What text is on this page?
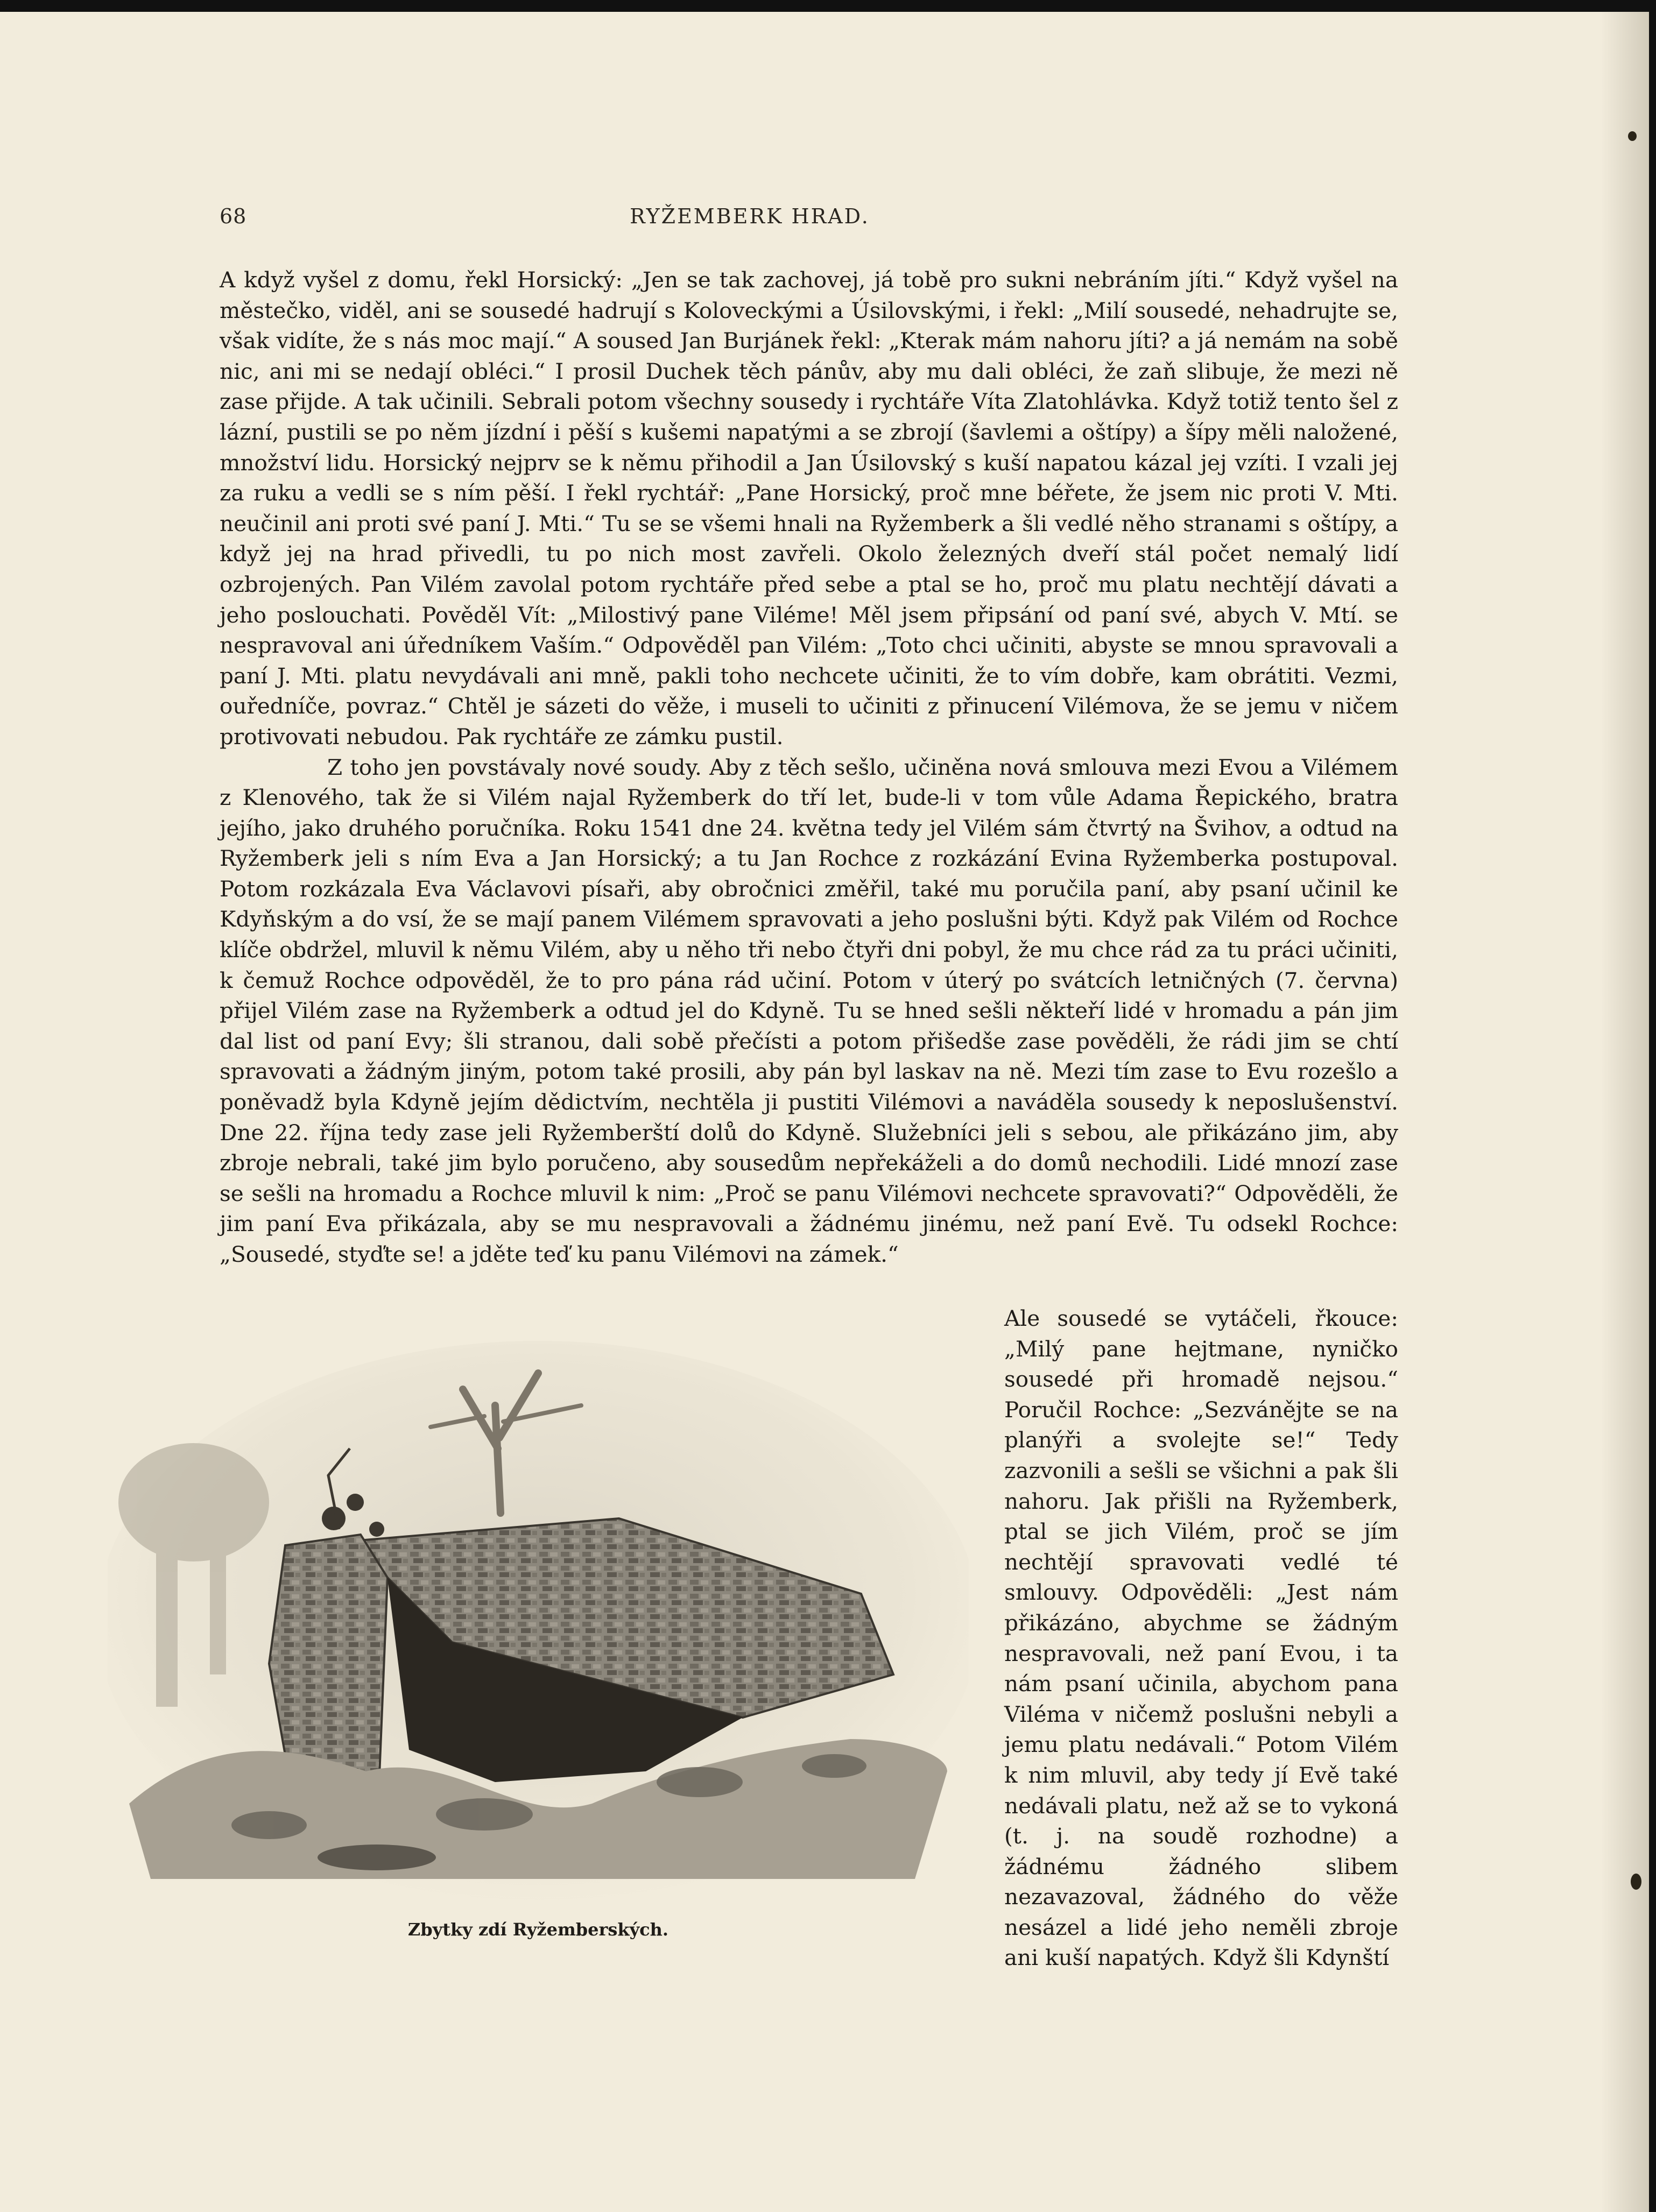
68	RYŽEMBERK HRAD.

A když vyšel z domu, řekl Horsický: „Jen se tak zachovej, já tobě pro sukni nebráním jíti.“ Když vyšel na městečko, viděl, ani se sousedé hadrují s Koloveckými a Úsilovskými, i řekl: „Milí sousedé, nehadrujte se, však vidíte, že s nás moc mají.“ A soused Jan Burjánek řekl: „Kterak mám nahoru jíti? a já nemám na sobě nic, ani mi se nedají obléci.“ I prosil Duchek těch pánův, aby mu dali obléci, že zaň slibuje, že mezi ně zase přijde. A tak učinili. Sebrali potom všechny sousedy i rychtáře Víta Zlatohlávka. Když totiž tento šel z lázní, pustili se po něm jízdní i pěší s kušemi napatými a se zbrojí (šavlemi a oštípy) a šípy měli naložené, množství lidu. Horsický nejprv se k němu přihodil a Jan Úsilovský s kuší napatou kázal jej vzíti. I vzali jej za ruku a vedli se s ním pěší. I řekl rychtář: „Pane Horsický, proč mne béřete, že jsem nic proti V. Mti. neučinil ani proti své paní J. Mti.“ Tu se se všemi hnali na Ryžemberk a šli vedlé něho stranami s oštípy, a když jej na hrad přivedli, tu po nich most zavřeli. Okolo železných dveří stál počet nemalý lidí ozbrojených. Pan Vilém zavolal potom rychtáře před sebe a ptal se ho, proč mu platu nechtějí dávati a jeho poslouchati. Pověděl Vít: „Milostivý pane Viléme! Měl jsem připsání od paní své, abych V. Mtí. se nespravoval ani úředníkem Vaším.“ Odpověděl pan Vilém: „Toto chci učiniti, abyste se mnou spravovali a paní J. Mti. platu nevydávali ani mně, pakli toho nechcete učiniti, že to vím dobře, kam obrátiti. Vezmi, ouředníče, povraz.“ Chtěl je sázeti do věže, i museli to učiniti z přinucení Vilémova, že se jemu v ničem protivovati nebudou. Pak rychtáře ze zámku pustil.

Z toho jen povstávaly nové soudy. Aby z těch sešlo, učiněna nová smlouva mezi Evou a Vilémem z Klenového, tak že si Vilém najal Ryžemberk do tří let, bude-li v tom vůle Adama Řepického, bratra jejího, jako druhého poručníka. Roku 1541 dne 24. května tedy jel Vilém sám čtvrtý na Švihov, a odtud na Ryžemberk jeli s ním Eva a Jan Horsický; a tu Jan Rochce z rozkázání Evina Ryžemberka postupoval. Potom rozkázala Eva Václavovi písaři, aby obročnici změřil, také mu poručila paní, aby psaní učinil ke Kdyňským a do vsí, že se mají panem Vilémem spravovati a jeho poslušni býti. Když pak Vilém od Rochce klíče obdržel, mluvil k němu Vilém, aby u něho tři nebo čtyři dni pobyl, že mu chce rád za tu práci učiniti, k čemuž Rochce odpověděl, že to pro pána rád učiní. Potom v úterý po svátcích letničných (7. června) přijel Vilém zase na Ryžemberk a odtud jel do Kdyně. Tu se hned sešli někteří lidé v hromadu a pán jim dal list od paní Evy; šli stranou, dali sobě přečísti a potom přišedše zase pověděli, že rádi jim se chtí spravovati a žádným jiným, potom také prosili, aby pán byl laskav na ně. Mezi tím zase to Evu rozešlo a poněvadž byla Kdyně jejím dědictvím, nechtěla ji pustiti Vilémovi a naváděla sousedy k neposlušenství. Dne 22. října tedy zase jeli Ryžemberští dolů do Kdyně. Služebníci jeli s sebou, ale přikázáno jim, aby zbroje nebrali, také jim bylo poručeno, aby sousedům nepřekáželi a do domů nechodili. Lidé mnozí zase se sešli na hromadu a Rochce mluvil k nim: „Proč se panu Vilémovi nechcete spravovati?“ Odpověděli, že jim paní Eva přikázala, aby se mu nespravovali a žádnému jinému, než paní Evě. Tu odsekl Rochce: „Sousedé, styďte se! a jděte teď ku panu Vilémovi na zámek.“

Ale sousedé se vytáčeli, řkouce: „Milý pane hejtmane, nyničko sousedé při hromadě nejsou.“ Poručil Rochce: „Sezváněјte se na planýři a svolejte se!“ Tedy zazvonili a sešli se všichni a pak šli nahoru. Jak přišli na Ryžemberk, ptal se jich Vilém, proč se jím nechtějí spravovati vedlé té smlouvy. Odpověděli: „Jest nám přikázáno, abychme se žádným nespravovali, než paní Evou, i ta nám psaní učinila, abychom pana Viléma v ničemž poslušni nebyli a jemu platu nedávali.“ Potom Vilém k nim mluvil, aby tedy jí Evě také nedávali platu, než až se to vykoná (t. j. na soudě rozhodne) a žádnému žádného slibem nezavazoval, žádného do věže nesázel a lidé jeho neměli zbroje ani kuší napatých. Když šli Kdynští

Zbytky zdí Ryžemberských.
